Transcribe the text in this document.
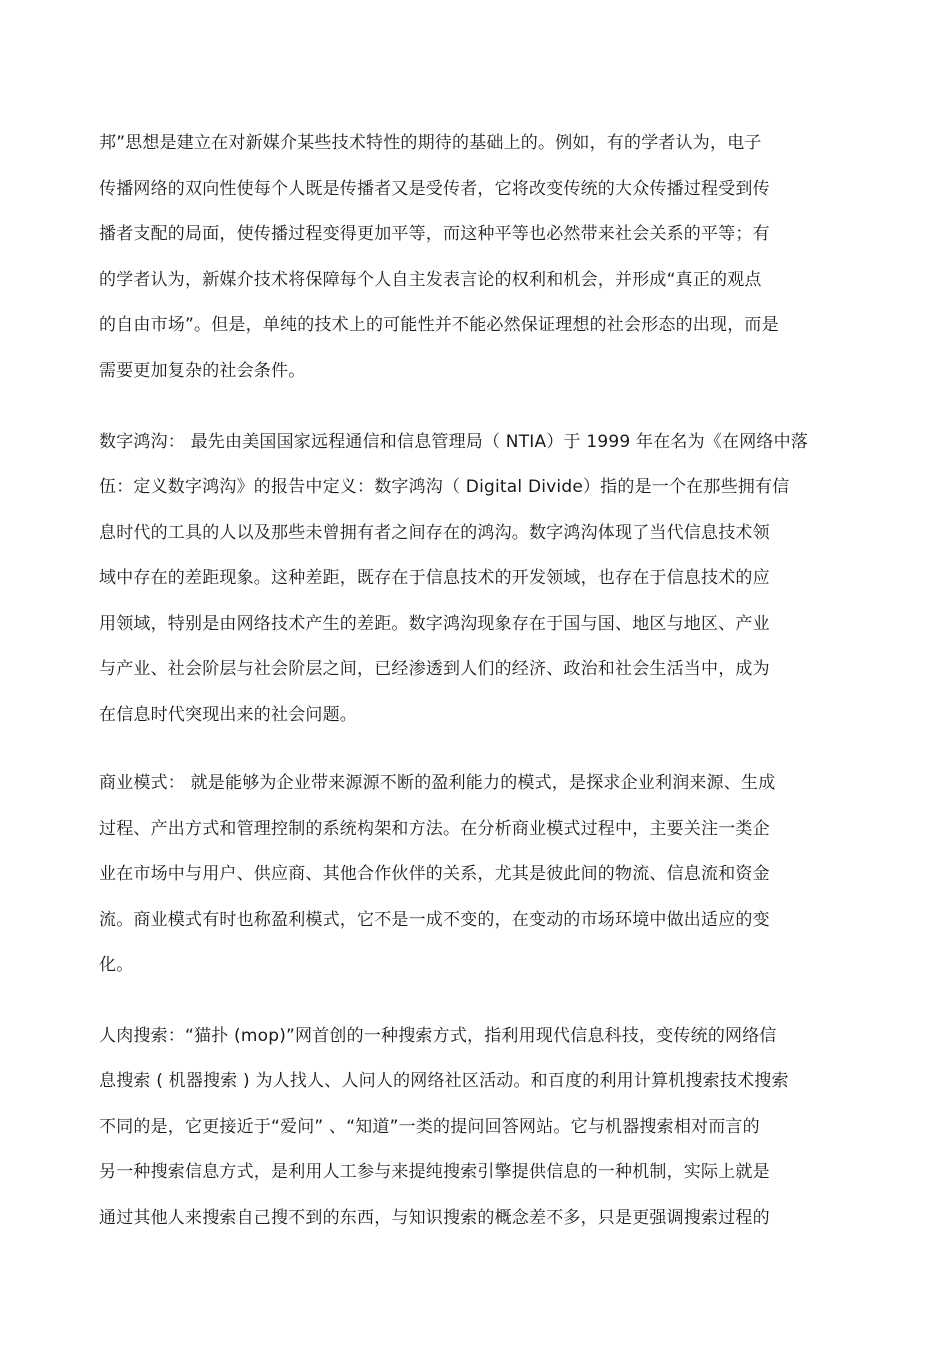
邦”思想是建立在对新媒介某些技术特性的期待的基础上的。例如，有的学者认为，电子
传播网络的双向性使每个人既是传播者又是受传者，它将改变传统的大众传播过程受到传
播者支配的局面，使传播过程变得更加平等，而这种平等也必然带来社会关系的平等；有
的学者认为，新媒介技术将保障每个人自主发表言论的权利和机会，并形成“真正的观点
的自由市场”。但是，单纯的技术上的可能性并不能必然保证理想的社会形态的出现，而是
需要更加复杂的社会条件。
数字鸿沟： 最先由美国国家远程通信和信息管理局（ NTIA）于 1999 年在名为《在网络中落
伍：定义数字鸿沟》的报告中定义：数字鸿沟（ Digital Divide）指的是一个在那些拥有信
息时代的工具的人以及那些未曾拥有者之间存在的鸿沟。数字鸿沟体现了当代信息技术领
域中存在的差距现象。这种差距，既存在于信息技术的开发领域，也存在于信息技术的应
用领域，特别是由网络技术产生的差距。数字鸿沟现象存在于国与国、地区与地区、产业
与产业、社会阶层与社会阶层之间，已经渗透到人们的经济、政治和社会生活当中，成为
在信息时代突现出来的社会问题。
商业模式： 就是能够为企业带来源源不断的盈利能力的模式，是探求企业利润来源、生成
过程、产出方式和管理控制的系统构架和方法。在分析商业模式过程中，主要关注一类企
业在市场中与用户、供应商、其他合作伙伴的关系，尤其是彼此间的物流、信息流和资金
流。商业模式有时也称盈利模式，它不是一成不变的，在变动的市场环境中做出适应的变
化。
人肉搜索：“猫扑 (mop)”网首创的一种搜索方式，指利用现代信息科技，变传统的网络信
息搜索 ( 机器搜索 ) 为人找人、人问人的网络社区活动。和百度的利用计算机搜索技术搜索
不同的是，它更接近于“爱问” 、“知道”一类的提问回答网站。它与机器搜索相对而言的
另一种搜索信息方式，是利用人工参与来提纯搜索引擎提供信息的一种机制，实际上就是
通过其他人来搜索自己搜不到的东西，与知识搜索的概念差不多，只是更强调搜索过程的
